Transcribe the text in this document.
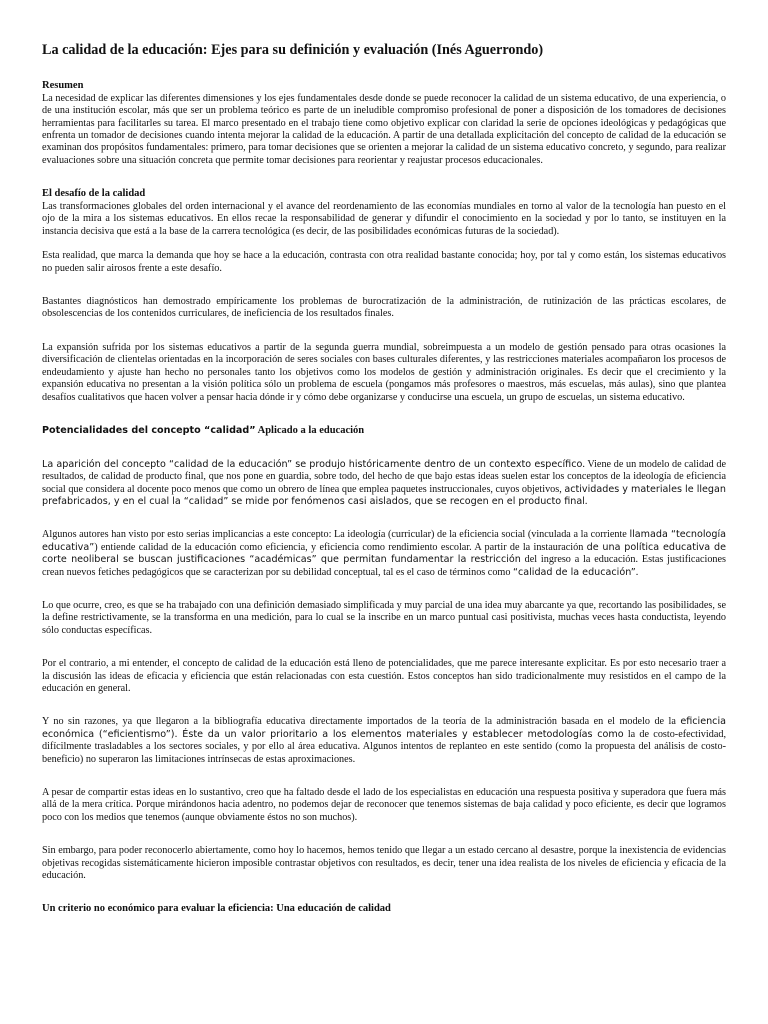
La calidad de la educación: Ejes para su definición y evaluación (Inés Aguerrondo)
Resumen

La necesidad de explicar las diferentes dimensiones y los ejes fundamentales desde donde se puede reconocer la calidad de un sistema educativo, de una experiencia, o de una institución escolar, más que ser un problema teórico es parte de un ineludible compromiso profesional de poner a disposición de los tomadores de decisiones herramientas para facilitarles su tarea. El marco presentado en el trabajo tiene como objetivo explicar con claridad la serie de opciones ideológicas y pedagógicas que enfrenta un tomador de decisiones cuando intenta mejorar la calidad de la educación. A partir de una detallada explicitación del concepto de calidad de la educación se examinan dos propósitos fundamentales: primero, para tomar decisiones que se orienten a mejorar la calidad de un sistema educativo concreto, y segundo, para realizar evaluaciones sobre una situación concreta que permite tomar decisiones para reorientar y reajustar procesos educacionales.

El desafío de la calidad

Las transformaciones globales del orden internacional y el avance del reordenamiento de las economías mundiales en torno al valor de la tecnología han puesto en el ojo de la mira a los sistemas educativos. En ellos recae la responsabilidad de generar y difundir el conocimiento en la sociedad y por lo tanto, se instituyen en la instancia decisiva que está a la base de la carrera tecnológica (es decir, de las posibilidades económicas futuras de la sociedad).

Esta realidad, que marca la demanda que hoy se hace a la educación, contrasta con otra realidad bastante conocida; hoy, por tal y como están, los sistemas educativos no pueden salir airosos frente a este desafío.

Bastantes diagnósticos han demostrado empíricamente los problemas de burocratización de la administración, de rutinización de las prácticas escolares, de obsolescencias de los contenidos curriculares, de ineficiencia de los resultados finales.

La expansión sufrida por los sistemas educativos a partir de la segunda guerra mundial, sobreimpuesta a un modelo de gestión pensado para otras ocasiones la diversificación de clientelas orientadas en la incorporación de seres sociales con bases culturales diferentes, y las restricciones materiales acompañaron los procesos de endeudamiento y ajuste han hecho no personales tanto los objetivos como los modelos de gestión y administración originales. Es decir que el crecimiento y la expansión educativa no presentan a la visión política sólo un problema de escuela (pongamos más profesores o maestros, más escuelas, más aulas), sino que plantea desafíos cualitativos que hacen volver a pensar hacia dónde ir y cómo debe organizarse y conducirse una escuela, un grupo de escuelas, un sistema educativo.

Potencialidades del concepto “calidad” Aplicado a la educación

La aparición del concepto “calidad de la educación” se produjo históricamente dentro de un contexto específico. Viene de un modelo de calidad de resultados, de calidad de producto final, que nos pone en guardia, sobre todo, del hecho de que bajo estas ideas suelen estar los conceptos de la ideología de eficiencia social que considera al docente poco menos que como un obrero de línea que emplea paquetes instruccionales, cuyos objetivos, actividades y materiales le llegan prefabricados, y en el cual la “calidad” se mide por fenómenos casi aislados, que se recogen en el producto final.

Algunos autores han visto por esto serias implicancias a este concepto: La ideología (curricular) de la eficiencia social (vinculada a la corriente llamada “tecnología educativa”) entiende calidad de la educación como eficiencia, y eficiencia como rendimiento escolar. A partir de la instauración de una política educativa de corte neoliberal se buscan justificaciones “académicas” que permitan fundamentar la restricción del ingreso a la educación. Estas justificaciones crean nuevos fetiches pedagógicos que se caracterizan por su debilidad conceptual, tal es el caso de términos como “calidad de la educación”.

Lo que ocurre, creo, es que se ha trabajado con una definición demasiado simplificada y muy parcial de una idea muy abarcante ya que, recortando las posibilidades, se la define restrictivamente, se la transforma en una medición, para lo cual se la inscribe en un marco puntual casi positivista, muchas veces hasta conductista, leyendo sólo conductas específicas.

Por el contrario, a mi entender, el concepto de calidad de la educación está lleno de potencialidades, que me parece interesante explicitar. Es por esto necesario traer a la discusión las ideas de eficacia y eficiencia que están relacionadas con esta cuestión. Estos conceptos han sido tradicionalmente muy resistidos en el campo de la educación en general.

Y no sin razones, ya que llegaron a la bibliografía educativa directamente importados de la teoría de la administración basada en el modelo de la eficiencia económica (“eficientismo”). Éste da un valor prioritario a los elementos materiales y establecer metodologías como la de costo-efectividad, difícilmente trasladables a los sectores sociales, y por ello al área educativa. Algunos intentos de replanteo en este sentido (como la propuesta del análisis de costo-beneficio) no superaron las limitaciones intrínsecas de estas aproximaciones.

A pesar de compartir estas ideas en lo sustantivo, creo que ha faltado desde el lado de los especialistas en educación una respuesta positiva y superadora que fuera más allá de la mera crítica. Porque mirándonos hacia adentro, no podemos dejar de reconocer que tenemos sistemas de baja calidad y poco eficiente, es decir que logramos poco con los medios que tenemos (aunque obviamente éstos no son muchos).

Sin embargo, para poder reconocerlo abiertamente, como hoy lo hacemos, hemos tenido que llegar a un estado cercano al desastre, porque la inexistencia de evidencias objetivas recogidas sistemáticamente hicieron imposible contrastar objetivos con resultados, es decir, tener una idea realista de los niveles de eficiencia y eficacia de la educación.

Un criterio no económico para evaluar la eficiencia: Una educación de calidad
